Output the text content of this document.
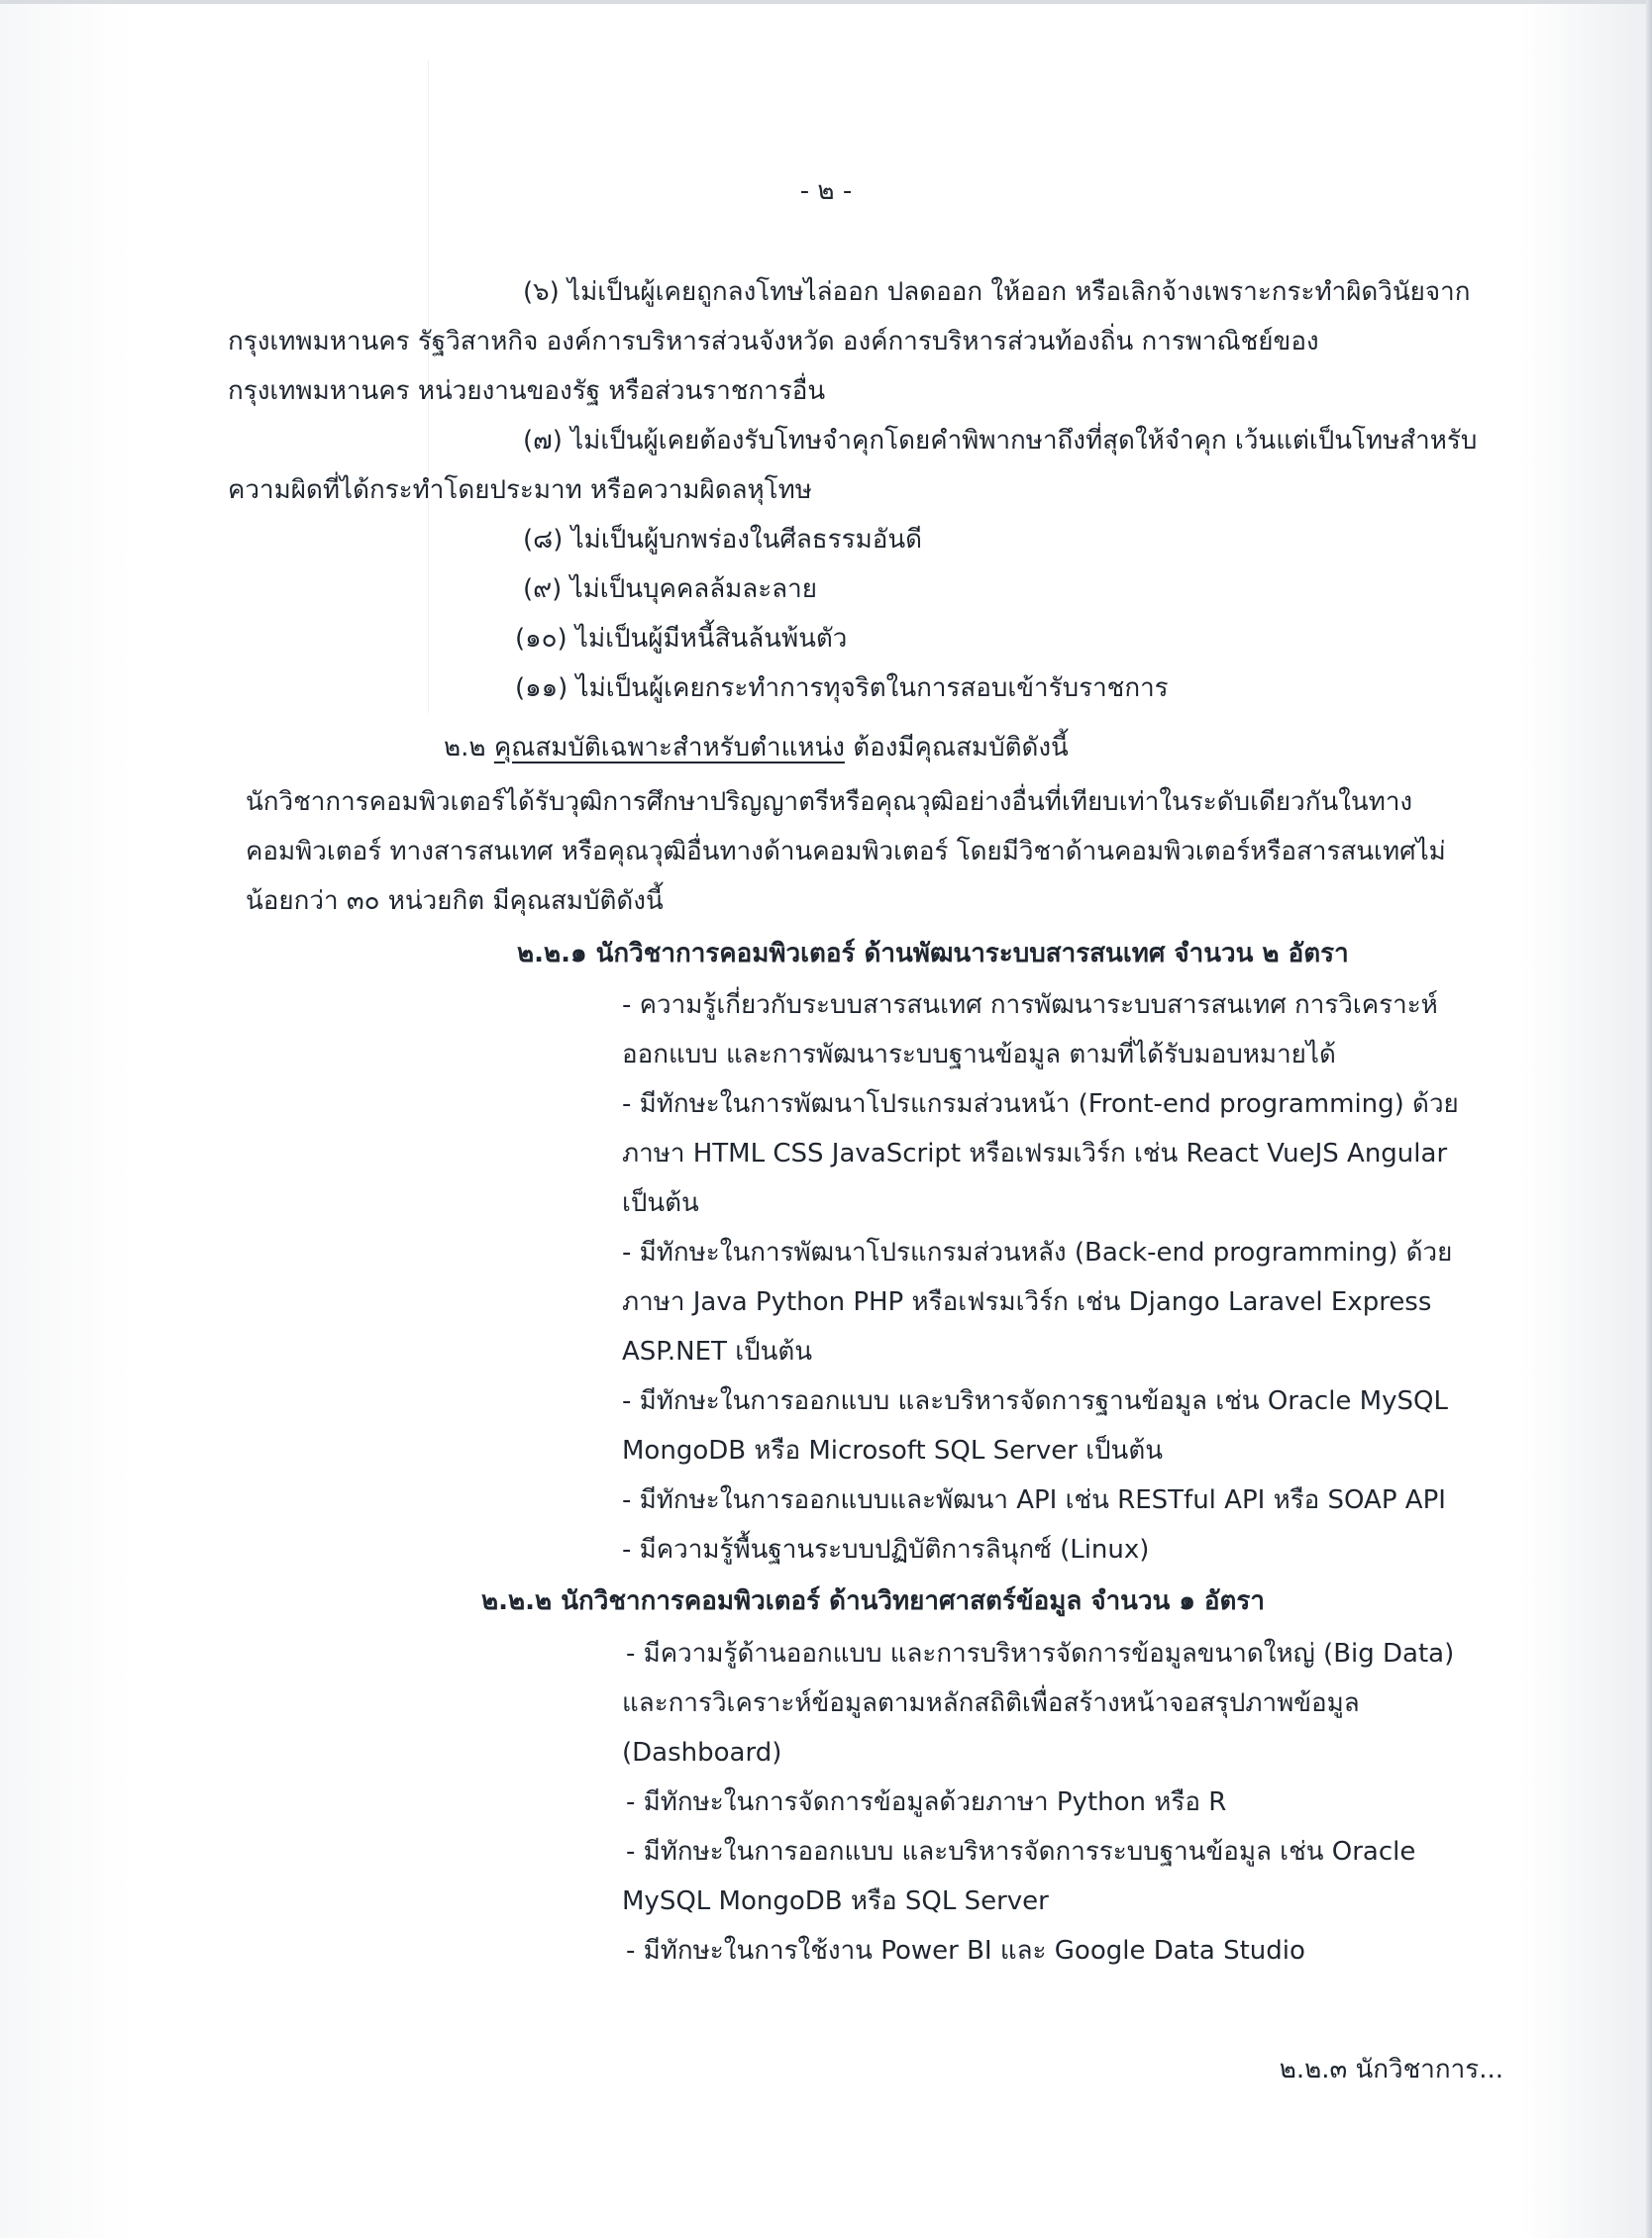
- ๒ -
(๖) ไม่เป็นผู้เคยถูกลงโทษไล่ออก ปลดออก ให้ออก หรือเลิกจ้างเพราะกระทำผิดวินัยจาก
กรุงเทพมหานคร รัฐวิสาหกิจ องค์การบริหารส่วนจังหวัด องค์การบริหารส่วนท้องถิ่น การพาณิชย์ของ
กรุงเทพมหานคร หน่วยงานของรัฐ หรือส่วนราชการอื่น
(๗) ไม่เป็นผู้เคยต้องรับโทษจำคุกโดยคำพิพากษาถึงที่สุดให้จำคุก เว้นแต่เป็นโทษสำหรับ
ความผิดที่ได้กระทำโดยประมาท หรือความผิดลหุโทษ
(๘) ไม่เป็นผู้บกพร่องในศีลธรรมอันดี
(๙) ไม่เป็นบุคคลล้มละลาย
(๑๐) ไม่เป็นผู้มีหนี้สินล้นพ้นตัว
(๑๑) ไม่เป็นผู้เคยกระทำการทุจริตในการสอบเข้ารับราชการ
๒.๒ คุณสมบัติเฉพาะสำหรับตำแหน่ง ต้องมีคุณสมบัติดังนี้
นักวิชาการคอมพิวเตอร์ได้รับวุฒิการศึกษาปริญญาตรีหรือคุณวุฒิอย่างอื่นที่เทียบเท่าในระดับเดียวกันในทาง
คอมพิวเตอร์ ทางสารสนเทศ หรือคุณวุฒิอื่นทางด้านคอมพิวเตอร์ โดยมีวิชาด้านคอมพิวเตอร์หรือสารสนเทศไม่
น้อยกว่า ๓๐ หน่วยกิต มีคุณสมบัติดังนี้
๒.๒.๑ นักวิชาการคอมพิวเตอร์ ด้านพัฒนาระบบสารสนเทศ จำนวน ๒ อัตรา
- ความรู้เกี่ยวกับระบบสารสนเทศ การพัฒนาระบบสารสนเทศ การวิเคราะห์
ออกแบบ และการพัฒนาระบบฐานข้อมูล ตามที่ได้รับมอบหมายได้
- มีทักษะในการพัฒนาโปรแกรมส่วนหน้า (Front-end programming) ด้วย
ภาษา HTML CSS JavaScript หรือเฟรมเวิร์ก เช่น React VueJS Angular
เป็นต้น
- มีทักษะในการพัฒนาโปรแกรมส่วนหลัง (Back-end programming) ด้วย
ภาษา Java Python PHP หรือเฟรมเวิร์ก เช่น Django Laravel Express
ASP.NET เป็นต้น
- มีทักษะในการออกแบบ และบริหารจัดการฐานข้อมูล เช่น Oracle MySQL
MongoDB หรือ Microsoft SQL Server เป็นต้น
- มีทักษะในการออกแบบและพัฒนา API เช่น RESTful API หรือ SOAP API
- มีความรู้พื้นฐานระบบปฏิบัติการลินุกซ์ (Linux)
๒.๒.๒ นักวิชาการคอมพิวเตอร์ ด้านวิทยาศาสตร์ข้อมูล จำนวน ๑ อัตรา
- มีความรู้ด้านออกแบบ และการบริหารจัดการข้อมูลขนาดใหญ่ (Big Data)
และการวิเคราะห์ข้อมูลตามหลักสถิติเพื่อสร้างหน้าจอสรุปภาพข้อมูล
(Dashboard)
- มีทักษะในการจัดการข้อมูลด้วยภาษา Python หรือ R
- มีทักษะในการออกแบบ และบริหารจัดการระบบฐานข้อมูล เช่น Oracle
MySQL MongoDB หรือ SQL Server
- มีทักษะในการใช้งาน Power BI และ Google Data Studio
๒.๒.๓ นักวิชาการ...
